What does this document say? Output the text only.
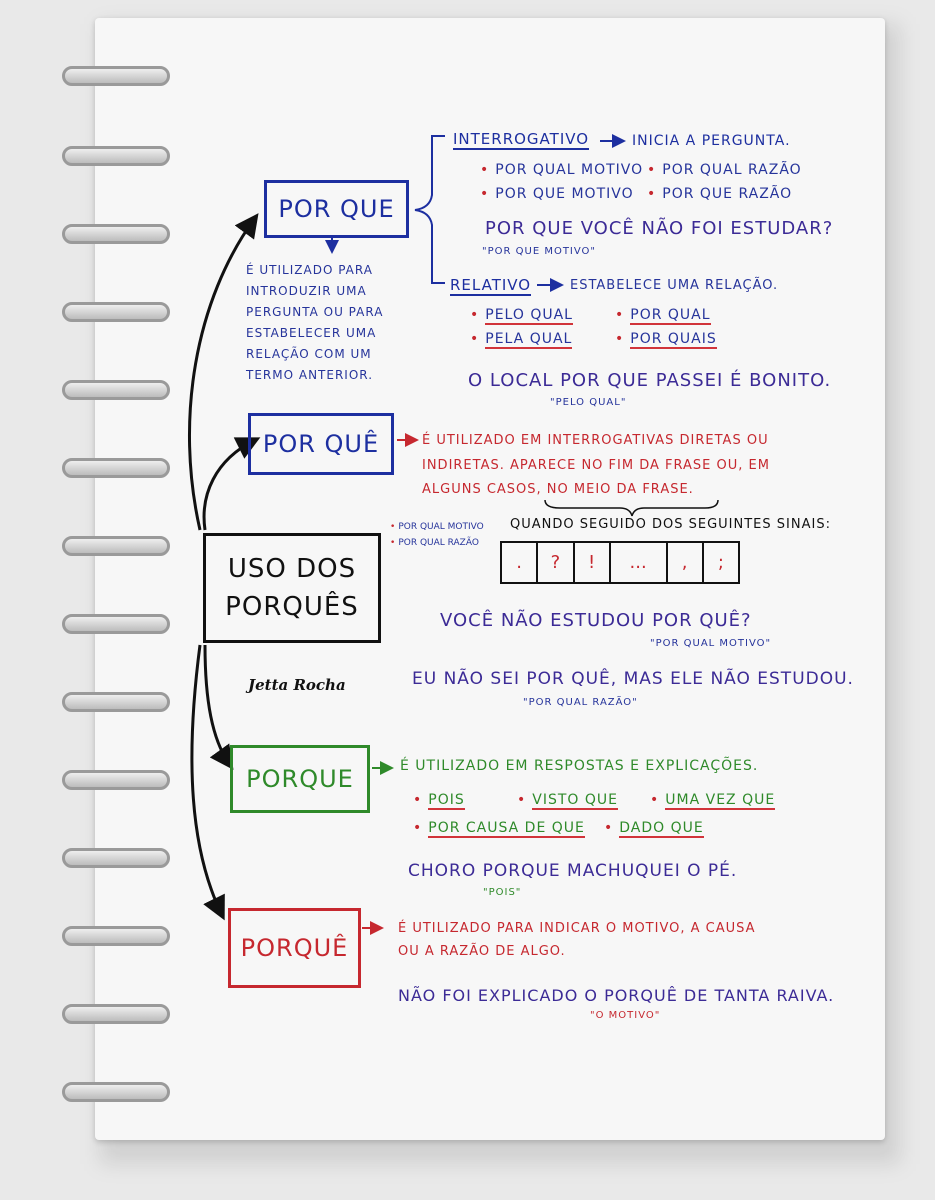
POR QUE
É UTILIZADO PARA
INTRODUZIR UMA
PERGUNTA OU PARA
ESTABELECER UMA
RELAÇÃO COM UM
TERMO ANTERIOR.
INTERROGATIVO	INICIA A PERGUNTA.
• POR QUAL MOTIVO • POR QUAL RAZÃO
• POR QUE MOTIVO • POR QUE RAZÃO
POR QUE VOCÊ NÃO FOI ESTUDAR?
"POR QUE MOTIVO"
RELATIVO	ESTABELECE UMA RELAÇÃO.
• PELO QUAL	• POR QUAL
• PELA QUAL	• POR QUAIS
O LOCAL POR QUE PASSEI É BONITO.
"PELO QUAL"
POR QUÊ	É UTILIZADO EM INTERROGATIVAS DIRETAS OU
INDIRETAS. APARECE NO FIM DA FRASE OU, EM
ALGUNS CASOS, NO MEIO DA FRASE.
• POR QUAL MOTIVO
• POR QUAL RAZÃO
QUANDO SEGUIDO DOS SEGUINTES SINAIS:
.	?	!	...	,	;
VOCÊ NÃO ESTUDOU POR QUÊ?
"POR QUAL MOTIVO"
EU NÃO SEI POR QUÊ, MAS ELE NÃO ESTUDOU.
"POR QUAL RAZÃO"
USO DOS
PORQUÊS
Jetta Rocha
PORQUE	É UTILIZADO EM RESPOSTAS E EXPLICAÇÕES.
• POIS	• VISTO QUE • UMA VEZ QUE
• POR CAUSA DE QUE • DADO QUE
CHORO PORQUE MACHUQUEI O PÉ.
"POIS"
PORQUÊ
É UTILIZADO PARA INDICAR O MOTIVO, A CAUSA
OU A RAZÃO DE ALGO.
NÃO FOI EXPLICADO O PORQUÊ DE TANTA RAIVA.
"O MOTIVO"
